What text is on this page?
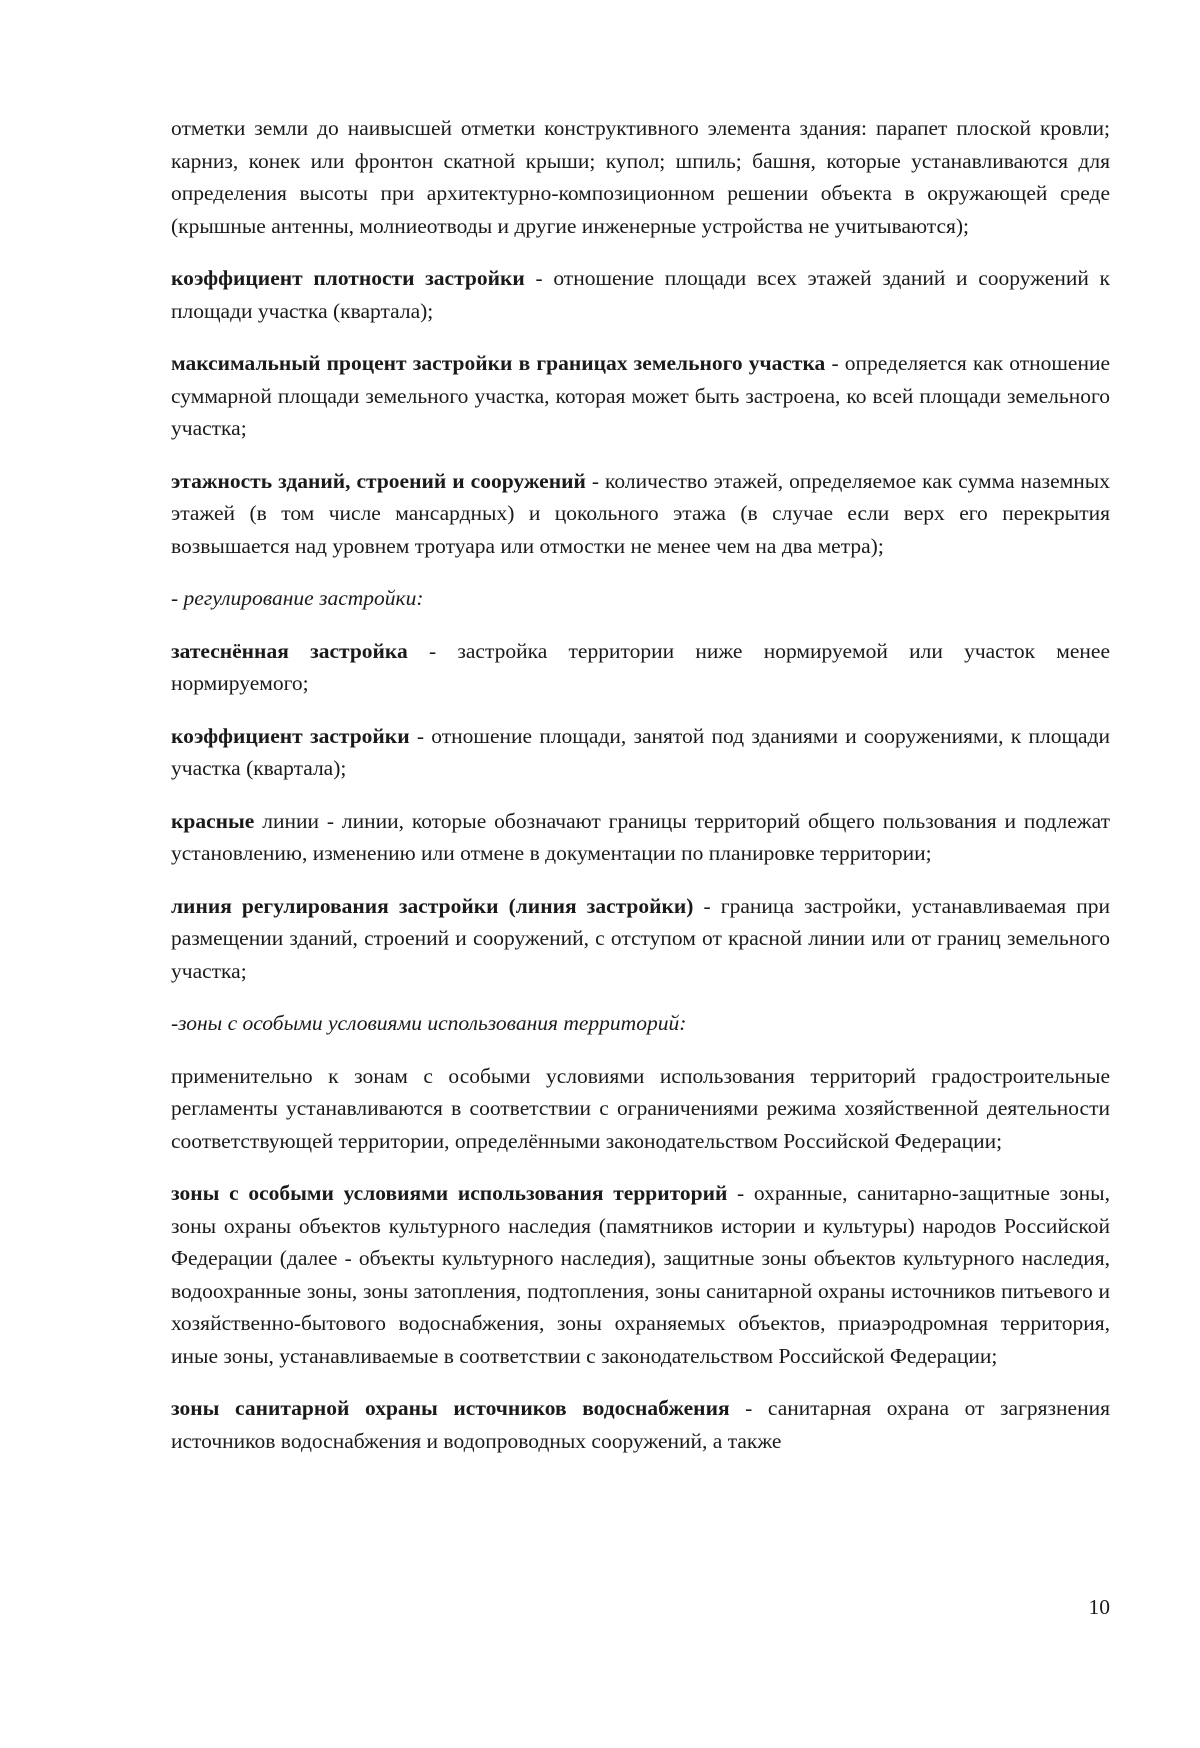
отметки земли до наивысшей отметки конструктивного элемента здания: парапет плоской кровли; карниз, конек или фронтон скатной крыши; купол; шпиль; башня, которые устанавливаются для определения высоты при архитектурно-композиционном решении объекта в окружающей среде (крышные антенны, молниеотводы и другие инженерные устройства не учитываются);

коэффициент плотности застройки - отношение площади всех этажей зданий и сооружений к площади участка (квартала);

максимальный процент застройки в границах земельного участка - определяется как отношение суммарной площади земельного участка, которая может быть застроена, ко всей площади земельного участка;

этажность зданий, строений и сооружений - количество этажей, определяемое как сумма наземных этажей (в том числе мансардных) и цокольного этажа (в случае если верх его перекрытия возвышается над уровнем тротуара или отмостки не менее чем на два метра);

- регулирование застройки:

затеснённая застройка - застройка территории ниже нормируемой или участок менее нормируемого;

коэффициент застройки - отношение площади, занятой под зданиями и сооружениями, к площади участка (квартала);

красные линии - линии, которые обозначают границы территорий общего пользования и подлежат установлению, изменению или отмене в документации по планировке территории;

линия регулирования застройки (линия застройки) - граница застройки, устанавливаемая при размещении зданий, строений и сооружений, с отступом от красной линии или от границ земельного участка;

-зоны с особыми условиями использования территорий:

применительно к зонам с особыми условиями использования территорий градостроительные регламенты устанавливаются в соответствии с ограничениями режима хозяйственной деятельности соответствующей территории, определёнными законодательством Российской Федерации;

зоны с особыми условиями использования территорий - охранные, санитарно-защитные зоны, зоны охраны объектов культурного наследия (памятников истории и культуры) народов Российской Федерации (далее - объекты культурного наследия), защитные зоны объектов культурного наследия, водоохранные зоны, зоны затопления, подтопления, зоны санитарной охраны источников питьевого и хозяйственно-бытового водоснабжения, зоны охраняемых объектов, приаэродромная территория, иные зоны, устанавливаемые в соответствии с законодательством Российской Федерации;

зоны санитарной охраны источников водоснабжения - санитарная охрана от загрязнения источников водоснабжения и водопроводных сооружений, а также

10
